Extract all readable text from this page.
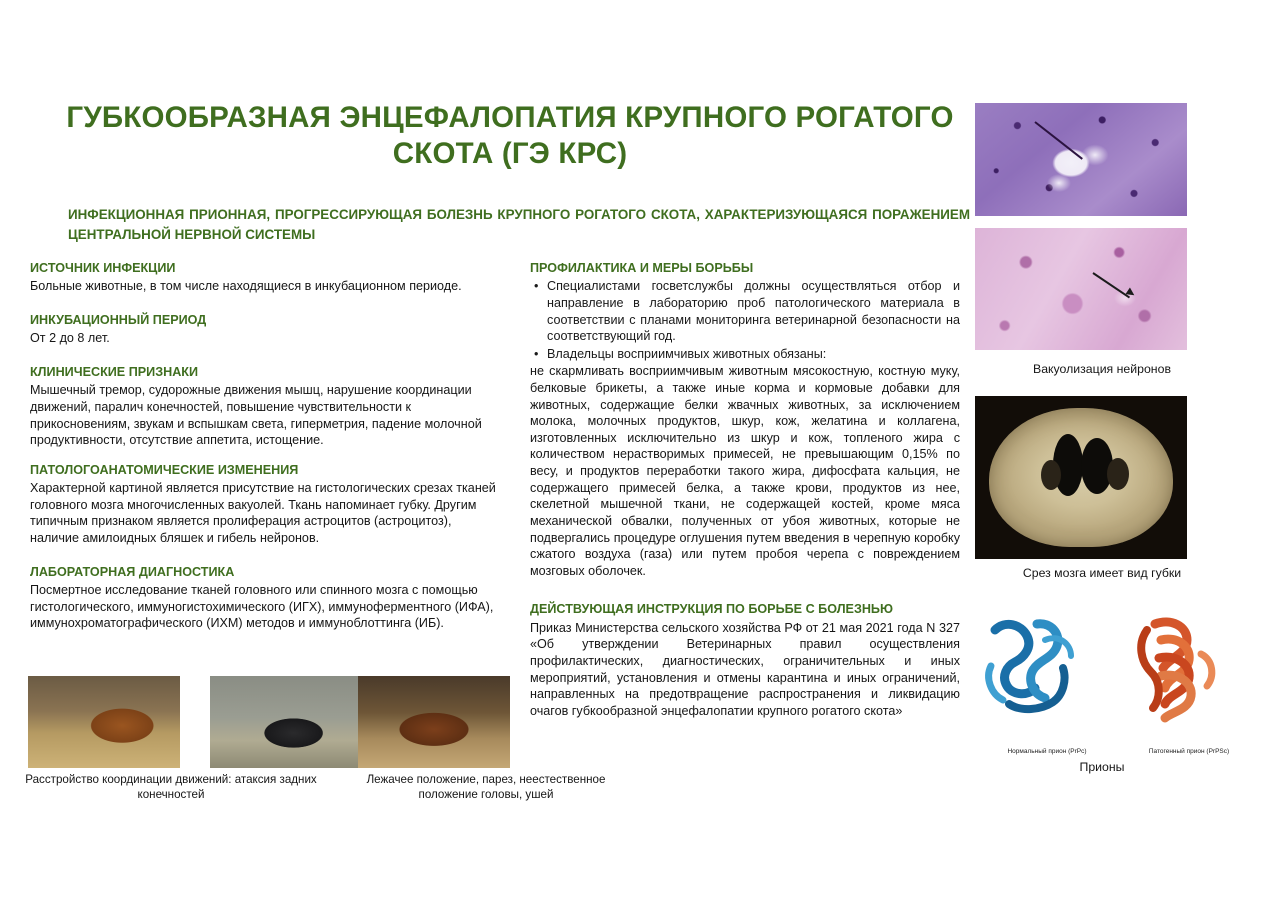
ГУБКООБРАЗНАЯ ЭНЦЕФАЛОПАТИЯ КРУПНОГО РОГАТОГО СКОТА (ГЭ КРС)
ИНФЕКЦИОННАЯ ПРИОННАЯ, ПРОГРЕССИРУЮЩАЯ БОЛЕЗНЬ КРУПНОГО РОГАТОГО СКОТА, ХАРАКТЕРИЗУЮЩАЯСЯ ПОРАЖЕНИЕМ ЦЕНТРАЛЬНОЙ НЕРВНОЙ СИСТЕМЫ
ИСТОЧНИК ИНФЕКЦИИ

Больные животные, в том числе находящиеся в инкубационном периоде.

ИНКУБАЦИОННЫЙ ПЕРИОД

От 2 до 8 лет.

КЛИНИЧЕСКИЕ ПРИЗНАКИ

Мышечный тремор, судорожные движения мышц, нарушение координации движений, паралич конечностей, повышение чувствительности к прикосновениям, звукам и вспышкам света, гиперметрия, падение молочной продуктивности, отсутствие аппетита, истощение.

ПАТОЛОГОАНАТОМИЧЕСКИЕ ИЗМЕНЕНИЯ

Характерной картиной является присутствие на гистологических срезах тканей головного мозга многочисленных вакуолей. Ткань напоминает губку. Другим типичным признаком является пролиферация астроцитов (астроцитоз), наличие амилоидных бляшек и гибель нейронов.

ЛАБОРАТОРНАЯ ДИАГНОСТИКА

Посмертное исследование тканей головного или спинного мозга с помощью гистологического, иммуногистохимического (ИГХ), иммуноферментного (ИФА), иммунохроматографического (ИХМ) методов и иммуноблоттинга (ИБ).

ПРОФИЛАКТИКА И МЕРЫ БОРЬБЫ
• Специалистами госветслужбы должны осуществляться отбор и направление в лабораторию проб патологического материала в соответствии с планами мониторинга ветеринарной безопасности на соответствующий год.
• Владельцы восприимчивых животных обязаны:

не скармливать восприимчивым животным мясокостную, костную муку, белковые брикеты, а также иные корма и кормовые добавки для животных, содержащие белки жвачных животных, за исключением молока, молочных продуктов, шкур, кож, желатина и коллагена, изготовленных исключительно из шкур и кож, топленого жира с количеством нерастворимых примесей, не превышающим 0,15% по весу, и продуктов переработки такого жира, дифосфата кальция, не содержащего примесей белка, а также крови, продуктов из нее, скелетной мышечной ткани, не содержащей костей, кроме мяса механической обвалки, полученных от убоя животных, которые не подвергались процедуре оглушения путем введения в черепную коробку сжатого воздуха (газа) или путем пробоя черепа с повреждением мозговых оболочек.

ДЕЙСТВУЮЩАЯ ИНСТРУКЦИЯ ПО БОРЬБЕ С БОЛЕЗНЬЮ

Приказ Министерства сельского хозяйства РФ от 21 мая 2021 года N 327 «Об утверждении Ветеринарных правил осуществления профилактических, диагностических, ограничительных и иных мероприятий, установления и отмены карантина и иных ограничений, направленных на предотвращение распространения и ликвидацию очагов губкообразной энцефалопатии крупного рогатого скота»

Расстройство координации движений: атаксия задних конечностей
Лежачее положение, парез, неестественное положение головы, ушей
Вакуолизация нейронов
Срез мозга имеет вид губки
Нормальный прион (PrPc)	Патогенный прион (PrPSc)
Прионы
